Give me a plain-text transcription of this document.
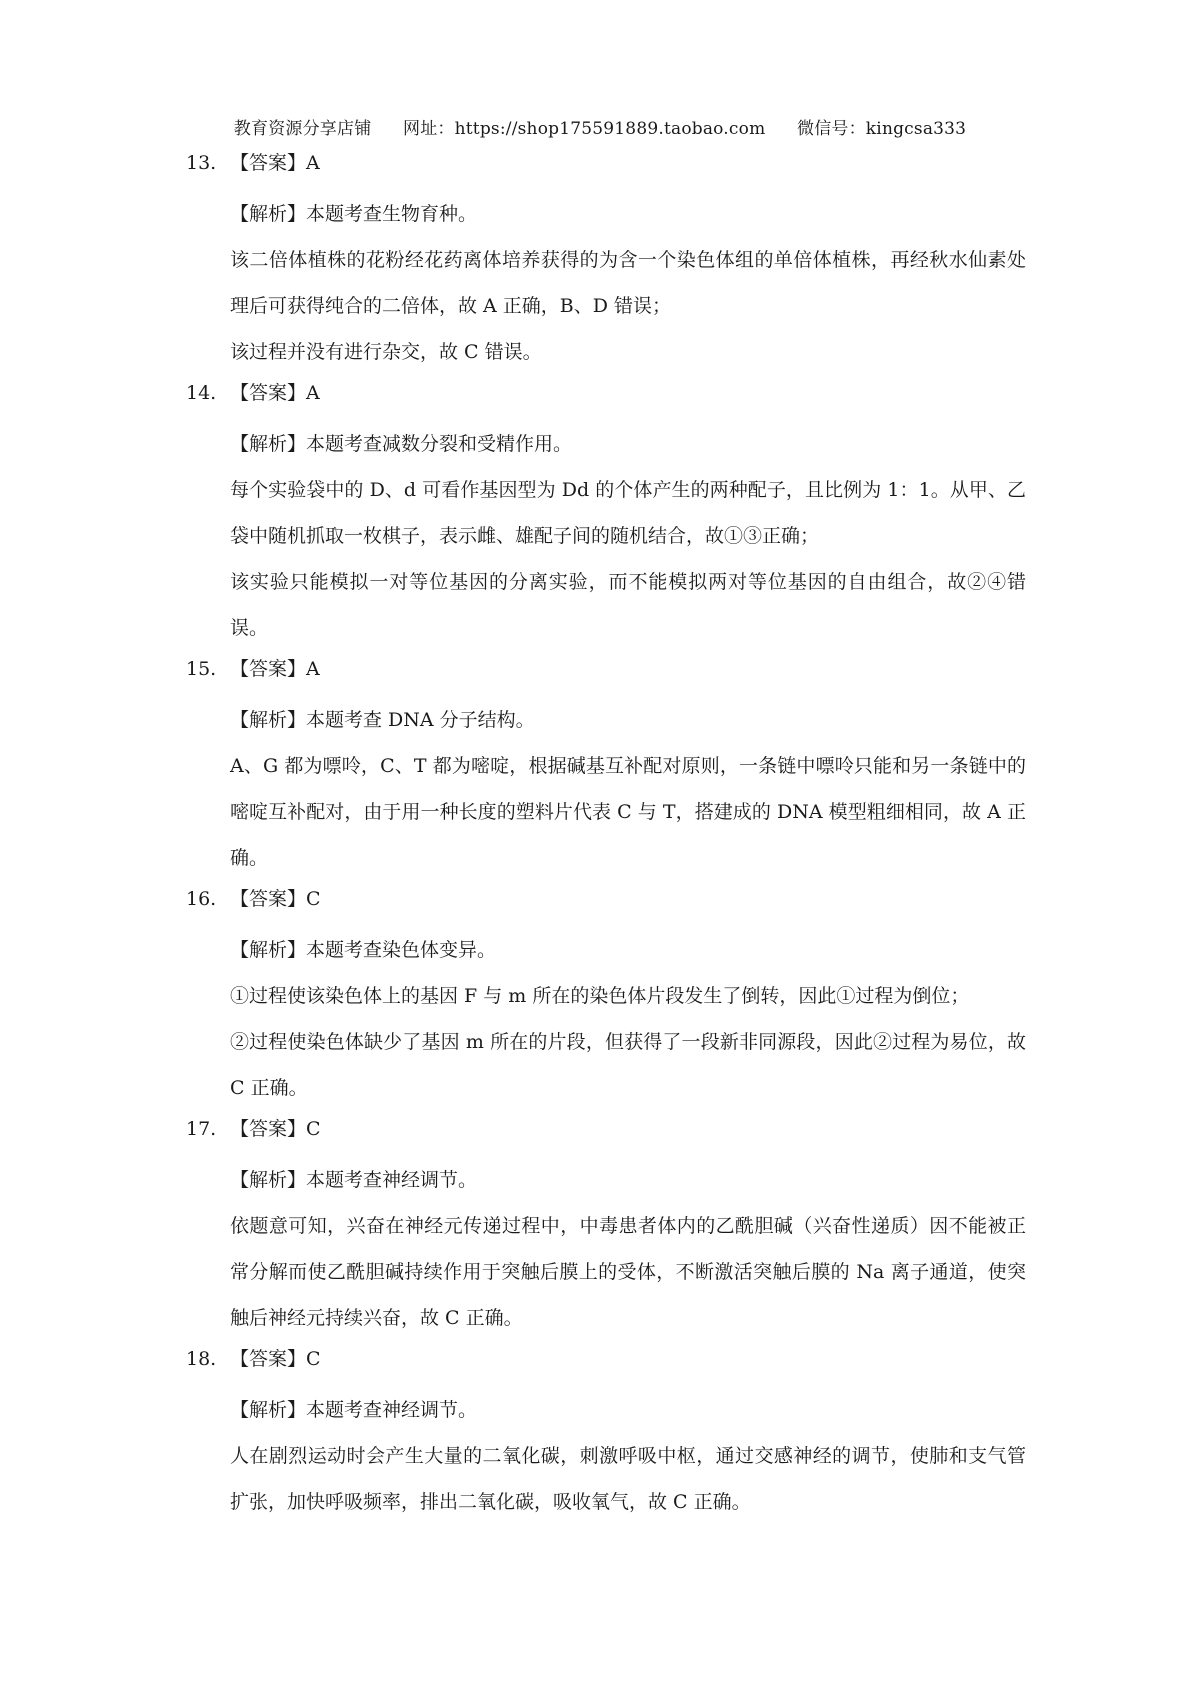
教育资源分享店铺 网址：https://shop175591889.taobao.com 微信号：kingcsa333
13. 【答案】A
【解析】本题考查生物育种。
该二倍体植株的花粉经花药离体培养获得的为含一个染色体组的单倍体植株，再经秋水仙素处理后可获得纯合的二倍体，故 A 正确，B、D 错误；
该过程并没有进行杂交，故 C 错误。
14. 【答案】A
【解析】本题考查减数分裂和受精作用。
每个实验袋中的 D、d 可看作基因型为 Dd 的个体产生的两种配子，且比例为 1：1。从甲、乙袋中随机抓取一枚棋子，表示雌、雄配子间的随机结合，故①③正确；
该实验只能模拟一对等位基因的分离实验，而不能模拟两对等位基因的自由组合，故②④错误。
15. 【答案】A
【解析】本题考查 DNA 分子结构。
A、G 都为嘌呤，C、T 都为嘧啶，根据碱基互补配对原则，一条链中嘌呤只能和另一条链中的嘧啶互补配对，由于用一种长度的塑料片代表 C 与 T，搭建成的 DNA 模型粗细相同，故 A 正确。
16. 【答案】C
【解析】本题考查染色体变异。
①过程使该染色体上的基因 F 与 m 所在的染色体片段发生了倒转，因此①过程为倒位；
②过程使染色体缺少了基因 m 所在的片段，但获得了一段新非同源段，因此②过程为易位，故 C 正确。
17. 【答案】C
【解析】本题考查神经调节。
依题意可知，兴奋在神经元传递过程中，中毒患者体内的乙酰胆碱（兴奋性递质）因不能被正常分解而使乙酰胆碱持续作用于突触后膜上的受体，不断激活突触后膜的 Na 离子通道，使突触后神经元持续兴奋，故 C 正确。
18. 【答案】C
【解析】本题考查神经调节。
人在剧烈运动时会产生大量的二氧化碳，刺激呼吸中枢，通过交感神经的调节，使肺和支气管扩张，加快呼吸频率，排出二氧化碳，吸收氧气，故 C 正确。
